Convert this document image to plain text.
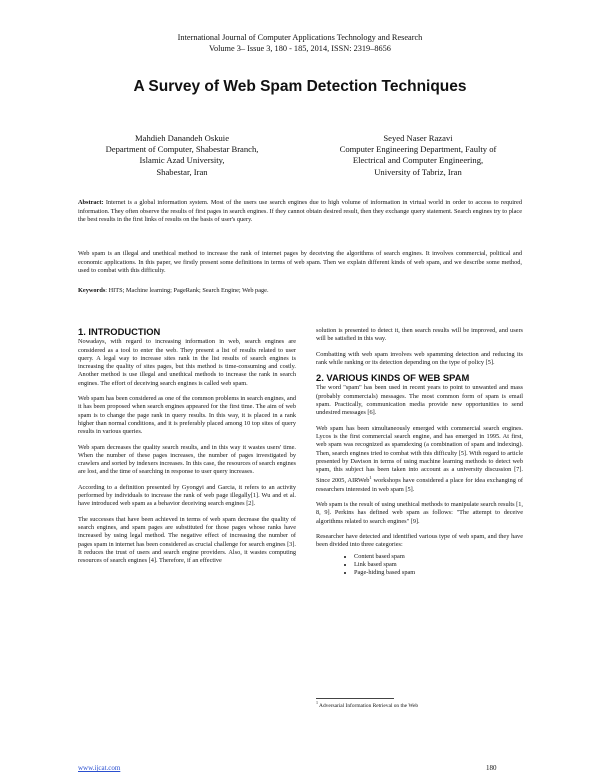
International Journal of Computer Applications Technology and Research
Volume 3– Issue 3, 180 - 185, 2014, ISSN: 2319–8656
A Survey of Web Spam Detection Techniques
Mahdieh Danandeh Oskuie
Department of Computer, Shabestar Branch,
Islamic Azad University,
Shabestar, Iran
Seyed Naser Razavi
Computer Engineering Department, Faulty of
Electrical and Computer Engineering,
University of Tabriz, Iran
Abstract: Internet is a global information system. Most of the users use search engines due to high volume of information in virtual world in order to access to required information. They often observe the results of first pages in search engines. If they cannot obtain desired result, then they exchange query statement. Search engines try to place the best results in the first links of results on the basis of user's query.
Web spam is an illegal and unethical method to increase the rank of internet pages by deceiving the algorithms of search engines. It involves commercial, political and economic applications. In this paper, we firstly present some definitions in terms of web spam. Then we explain different kinds of web spam, and we describe some method, used to combat with this difficulty.
Keywords: HITS; Machine learning; PageRank; Search Engine; Web page.
1. INTRODUCTION

Nowadays, with regard to increasing information in web, search engines are considered as a tool to enter the web. They present a list of results related to user query. A legal way to increase sites rank in the list results of search engines is increasing the quality of sites pages, but this method is time-consuming and costly. Another method is use illegal and unethical methods to increase the rank in search engines. The effort of deceiving search engines is called web spam.

Web spam has been considered as one of the common problems in search engines, and it has been proposed when search engines appeared for the first time. The aim of web spam is to change the page rank in query results. In this way, it is placed in a rank higher than normal conditions, and it is preferably placed among 10 top sites of query results in various queries.

Web spam decreases the quality search results, and in this way it wastes users' time. When the number of these pages increases, the number of pages investigated by crawlers and sorted by indexers increases. In this case, the resources of search engines are lost, and the time of searching in response to user query increases.

According to a definition presented by Gyongyi and Garcia, it refers to an activity performed by individuals to increase the rank of web page illegally[1]. Wu and et al. have introduced web spam as a behavior deceiving search engines [2].

The successes that have been achieved in terms of web spam decrease the quality of search engines, and spam pages are substituted for those pages whose ranks have increased by using legal method. The negative effect of increasing the number of pages spam in internet has been considered as crucial challenge for search engines [3]. It reduces the trust of users and search engine providers. Also, it wastes computing resources of search engines [4]. Therefore, if an effective

solution is presented to detect it, then search results will be improved, and users will be satisfied in this way.

Combatting with web spam involves web spamming detection and reducing its rank while ranking or its detection depending on the type of policy [5].

2. VARIOUS KINDS OF WEB SPAM

The word "spam" has been used in recent years to point to unwanted and mass (probably commercials) messages. The most common form of spam is email spam. Practically, communication media provide new opportunities to send undesired messages [6].

Web spam has been simultaneously emerged with commercial search engines. Lycos is the first commercial search engine, and has emerged in 1995. At first, web spam was recognized as spamdexing (a combination of spam and indexing). Then, search engines tried to combat with this difficulty [5]. With regard to article presented by Davison in terms of using machine learning methods to detect web spam, this subject has been taken into account as a university discussion [7]. Since 2005, AIRWeb$^1$ workshops have considered a place for idea exchanging of researchers interested in web spam [5].

Web spam is the result of using unethical methods to manipulate search results [1, 8, 9]. Perkins has defined web spam as follows: "The attempt to deceive algorithms related to search engines" [9].

Researcher have detected and identified various type of web spam, and they have been divided into three categories:

• Content based spam
• Link based spam
• Page-hiding based spam
$^1$ Adversarial Information Retrieval on the Web
www.ijcat.com	180
